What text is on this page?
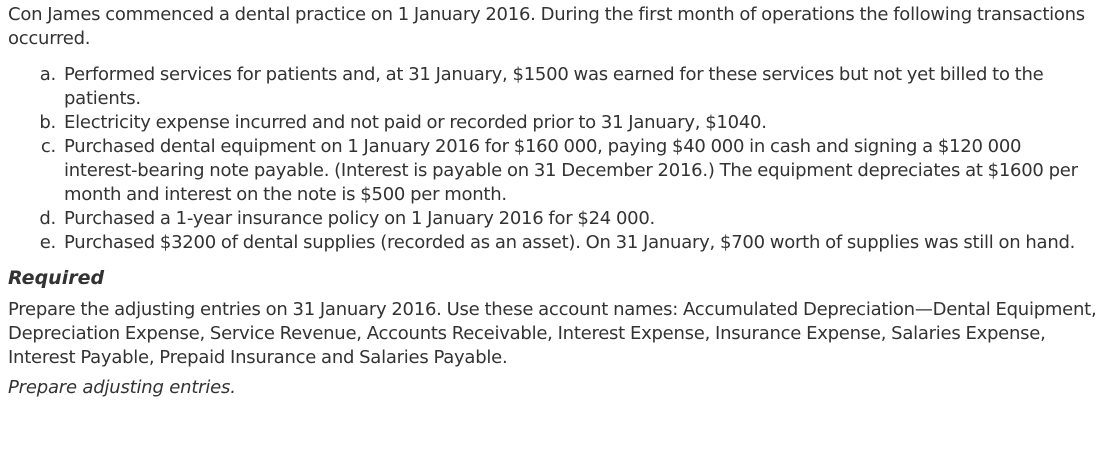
Con James commenced a dental practice on 1 January 2016. During the first month of operations the following transactions occurred.

a. Performed services for patients and, at 31 January, $1500 was earned for these services but not yet billed to the patients.
b. Electricity expense incurred and not paid or recorded prior to 31 January, $1040.
c. Purchased dental equipment on 1 January 2016 for $160 000, paying $40 000 in cash and signing a $120 000 interest-bearing note payable. (Interest is payable on 31 December 2016.) The equipment depreciates at $1600 per month and interest on the note is $500 per month.
d. Purchased a 1-year insurance policy on 1 January 2016 for $24 000.
e. Purchased $3200 of dental supplies (recorded as an asset). On 31 January, $700 worth of supplies was still on hand.
Required

Prepare the adjusting entries on 31 January 2016. Use these account names: Accumulated Depreciation—Dental Equipment, Depreciation Expense, Service Revenue, Accounts Receivable, Interest Expense, Insurance Expense, Salaries Expense, Interest Payable, Prepaid Insurance and Salaries Payable.

Prepare adjusting entries.
